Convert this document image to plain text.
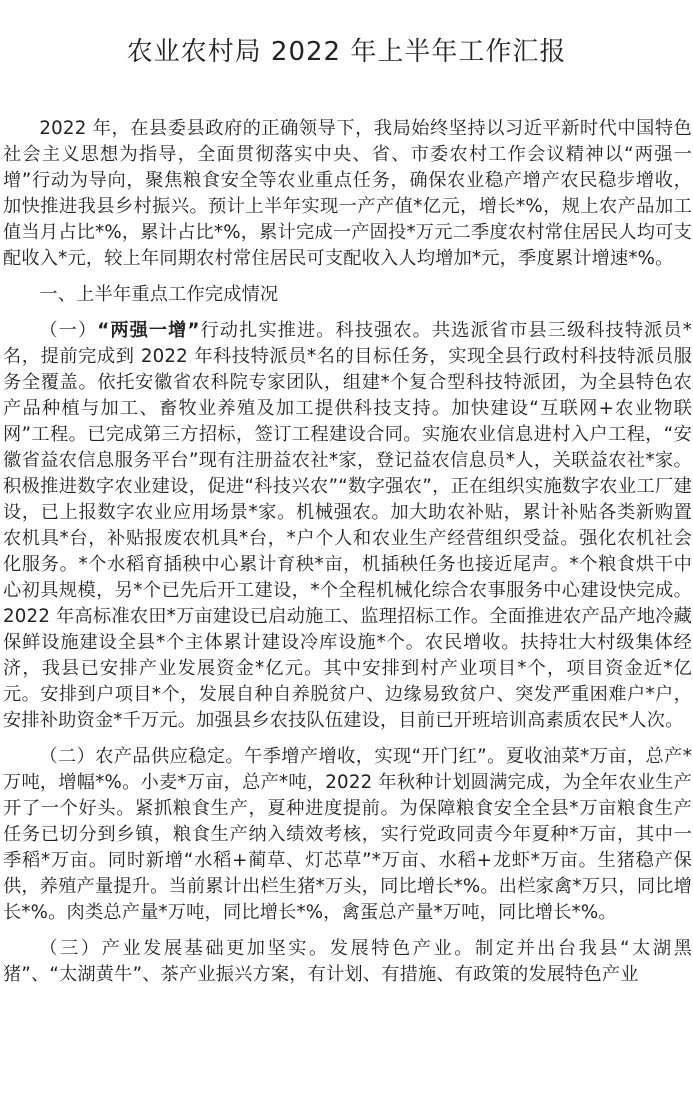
农业农村局 2022 年上半年工作汇报

2022 年，在县委县政府的正确领导下，我局始终坚持以习近平新时代中国特色社会主义思想为指导，全面贯彻落实中央、省、市委农村工作会议精神以“两强一增”行动为导向，聚焦粮食安全等农业重点任务，确保农业稳产增产农民稳步增收，加快推进我县乡村振兴。预计上半年实现一产产值*亿元，增长*%，规上农产品加工值当月占比*%，累计占比*%，累计完成一产固投*万元二季度农村常住居民人均可支配收入*元，较上年同期农村常住居民可支配收入人均增加*元，季度累计增速*%。

一、上半年重点工作完成情况

（一）“两强一增”行动扎实推进。科技强农。共选派省市县三级科技特派员*名，提前完成到 2022 年科技特派员*名的目标任务，实现全县行政村科技特派员服务全覆盖。依托安徽省农科院专家团队，组建*个复合型科技特派团，为全县特色农产品种植与加工、畜牧业养殖及加工提供科技支持。加快建设“互联网+农业物联网”工程。已完成第三方招标，签订工程建设合同。实施农业信息进村入户工程，“安徽省益农信息服务平台”现有注册益农社*家，登记益农信息员*人，关联益农社*家。积极推进数字农业建设，促进“科技兴农”“数字强农”，正在组织实施数字农业工厂建设，已上报数字农业应用场景*家。机械强农。加大助农补贴，累计补贴各类新购置农机具*台，补贴报废农机具*台，*户个人和农业生产经营组织受益。强化农机社会化服务。*个水稻育插秧中心累计育秧*亩，机插秧任务也接近尾声。*个粮食烘干中心初具规模，另*个已先后开工建设，*个全程机械化综合农事服务中心建设快完成。2022 年高标准农田*万亩建设已启动施工、监理招标工作。全面推进农产品产地冷藏保鲜设施建设全县*个主体累计建设冷库设施*个。农民增收。扶持壮大村级集体经济，我县已安排产业发展资金*亿元。其中安排到村产业项目*个，项目资金近*亿元。安排到户项目*个，发展自种自养脱贫户、边缘易致贫户、突发严重困难户*户，安排补助资金*千万元。加强县乡农技队伍建设，目前已开班培训高素质农民*人次。

（二）农产品供应稳定。午季增产增收，实现“开门红”。夏收油菜*万亩，总产*万吨，增幅*%。小麦*万亩，总产*吨，2022 年秋种计划圆满完成，为全年农业生产开了一个好头。紧抓粮食生产，夏种进度提前。为保障粮食安全全县*万亩粮食生产任务已切分到乡镇，粮食生产纳入绩效考核，实行党政同责今年夏种*万亩，其中一季稻*万亩。同时新增“水稻+蔺草、灯芯草”*万亩、水稻+龙虾*万亩。生猪稳产保供，养殖产量提升。当前累计出栏生猪*万头，同比增长*%。出栏家禽*万只，同比增长*%。肉类总产量*万吨，同比增长*%，禽蛋总产量*万吨，同比增长*%。

（三）产业发展基础更加坚实。发展特色产业。制定并出台我县“太湖黑猪”、“太湖黄牛”、茶产业振兴方案，有计划、有措施、有政策的发展特色产业
